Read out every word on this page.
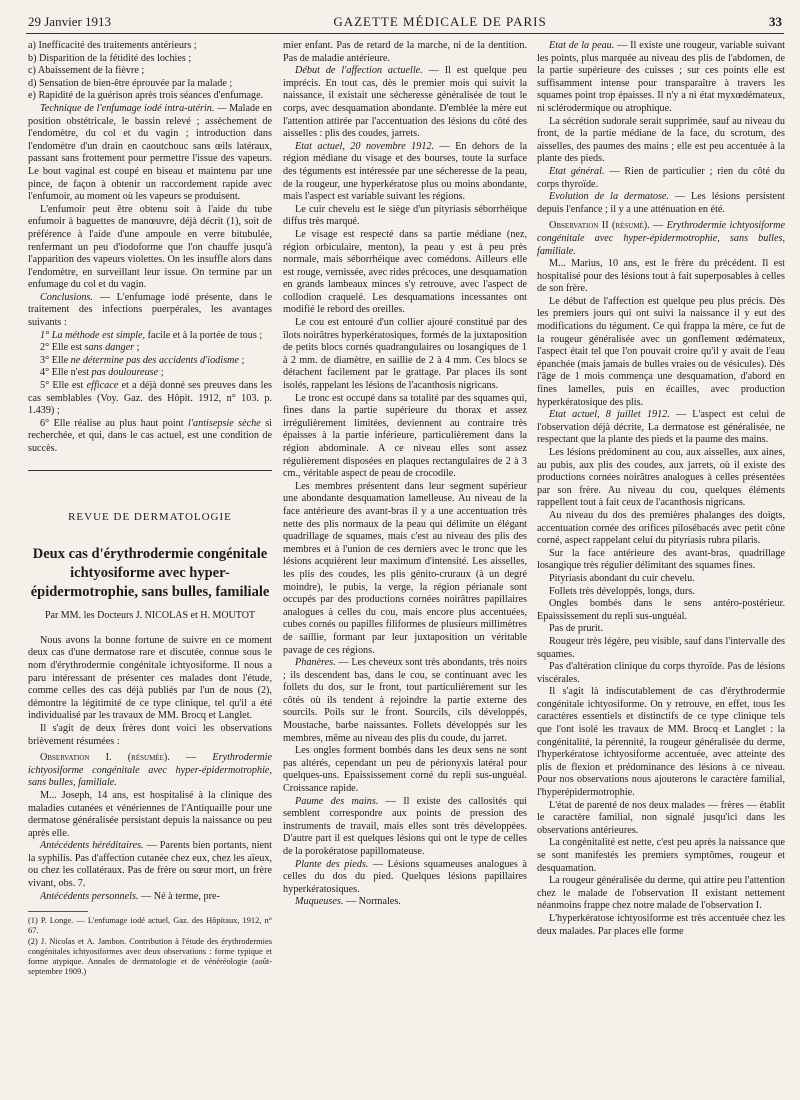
29 Janvier 1913	GAZETTE MÉDICALE DE PARIS	33

a) Inefficacité des traitements antérieurs ;

b) Disparition de la fétidité des lochies ;

c) Abaissement de la fièvre ;

d) Sensation de bien-être éprouvée par la malade ;

e) Rapidité de la guérison après trois séances d'enfumage.

Technique de l'enfumage iodé intra-utérin. — Malade en position obstétricale, le bassin relevé ; assèchement de l'endomètre, du col et du vagin ; introduction dans l'endomètre d'un drain en caoutchouc sans œils latéraux, passant sans frottement pour permettre l'issue des vapeurs. Le bout vaginal est coupé en biseau et maintenu par une pince, de façon à obtenir un raccordement rapide avec l'enfumoir, au moment où les vapeurs se produisent.

L'enfumoir peut être obtenu soit à l'aide du tube enfumoir à baguettes de manœuvre, déjà décrit (1), soit de préférence à l'aide d'une ampoule en verre bitubulée, renfermant un peu d'iodoforme que l'on chauffe jusqu'à l'apparition des vapeurs violettes. On les insuffle alors dans l'endomètre, en surveillant leur issue. On termine par un enfumage du col et du vagin.

Conclusions. — L'enfumage iodé présente, dans le traitement des infections puerpérales, les avantages suivants :

1° La méthode est simple, facile et à la portée de tous ;

2° Elle est sans danger ;

3° Elle ne détermine pas des accidents d'iodisme ;

4° Elle n'est pas douloureuse ;

5° Elle est efficace et a déjà donné ses preuves dans les cas semblables (Voy. Gaz. des Hôpit. 1912, n° 103. p. 1.439) ;

6° Elle réalise au plus haut point l'antisepsie sèche si recherchée, et qui, dans le cas actuel, est une condition de succès.

REVUE DE DERMATOLOGIE
Deux cas d'érythrodermie congénitale ichtyosiforme avec hyper-épidermotrophie, sans bulles, familiale
Par MM. les Docteurs J. NICOLAS et H. MOUTOT

Nous avons la bonne fortune de suivre en ce moment deux cas d'une dermatose rare et discutée, connue sous le nom d'érythrodermie congénitale ichtyosiforme. Il nous a paru intéressant de présenter ces malades dont l'étude, comme celles des cas déjà publiés par l'un de nous (2), démontre la légitimité de ce type clinique, tel qu'il a été individualisé par les travaux de MM. Brocq et Langlet.

Il s'agit de deux frères dont voici les observations brièvement résumées :

Observation I. (résumée). — Erythrodermie ichtyosiforme congénitale avec hyper-épidermotrophie, sans bulles, familiale.

M... Joseph, 14 ans, est hospitalisé à la clinique des maladies cutanées et vénériennes de l'Antiquaille pour une dermatose généralisée persistant depuis la naissance ou peu après elle.

Antécédents héréditaires. — Parents bien portants, nient la syphilis. Pas d'affection cutanée chez eux, chez les aïeux, ou chez les collatéraux. Pas de frère ou sœur mort, un frère vivant, obs. 7.

Antécédents personnels. — Né à terme, pre-

(1) P. Longe. — L'enfumage iodé actuel, Gaz. des Hôpitaux, 1912, n° 67.

(2) J. Nicolas et A. Jambon. Contribution à l'étude des érythrodermies congénitales ichtyosiformes avec deux observations : forme typique et forme atypique. Annales de dermatologie et de vénéréologie (août-septembre 1909.)

mier enfant. Pas de retard de la marche, ni de la dentition. Pas de maladie antérieure.

Début de l'affection actuelle. — Il est quelque peu imprécis. En tout cas, dès le premier mois qui suivit la naissance, il existait une sécheresse généralisée de tout le corps, avec desquamation abondante. D'emblée la mère eut l'attention attirée par l'accentuation des lésions du côté des aisselles : plis des coudes, jarrets.

Etat actuel, 20 novembre 1912. — En dehors de la région médiane du visage et des bourses, toute la surface des téguments est intéressée par une sécheresse de la peau, de la rougeur, une hyperkératose plus ou moins abondante, mais l'aspect est variable suivant les régions.

Le cuir chevelu est le siège d'un pityriasis séborrhéique diffus très marqué.

Le visage est respecté dans sa partie médiane (nez, région orbiculaire, menton), la peau y est à peu près normale, mais séborrhéique avec comédons. Ailleurs elle est rouge, vernissée, avec rides précoces, une desquamation en grands lambeaux minces s'y retrouve, avec l'aspect de collodion craquelé. Les desquamations incessantes ont modifié le rebord des oreilles.

Le cou est entouré d'un collier ajouré constitué par des îlots noirâtres hyperkératosiques, formés de la juxtaposition de petits blocs cornés quadrangulaires ou losangiques de 1 à 2 mm. de diamètre, en saillie de 2 à 4 mm. Ces blocs se détachent facilement par le grattage. Par places ils sont isolés, rappelant les lésions de l'acanthosis nigricans.

Le tronc est occupé dans sa totalité par des squames qui, fines dans la partie supérieure du thorax et assez irrégulièrement limitées, deviennent au contraire très épaisses à la partie inférieure, particulièrement dans la région abdominale. A ce niveau elles sont assez régulièrement disposées en plaques rectangulaires de 2 à 3 cm., véritable aspect de peau de crocodile.

Les membres présentent dans leur segment supérieur une abondante desquamation lamelleuse. Au niveau de la face antérieure des avant-bras il y a une accentuation très nette des plis normaux de la peau qui délimite un élégant quadrillage de squames, mais c'est au niveau des plis des membres et à l'union de ces derniers avec le tronc que les lésions acquièrent leur maximum d'intensité. Les aisselles, les plis des coudes, les plis génito-cruraux (à un degré moindre), le pubis, la verge, la région périanale sont occupés par des productions cornées noirâtres papillaires analogues à celles du cou, mais encore plus accentuées, cubes cornés ou papilles filiformes de plusieurs millimètres de saillie, formant par leur juxtaposition un véritable pavage de ces régions.

Phanères. — Les cheveux sont très abondants, très noirs ; ils descendent bas, dans le cou, se continuant avec les follets du dos, sur le front, tout particulièrement sur les côtés où ils tendent à rejoindre la partie externe des sourcils. Poils sur le front. Sourcils, cils développés, Moustache, barbe naissantes. Follets développés sur les membres, même au niveau des plis du coude, du jarret.

Les ongles forment bombés dans les deux sens ne sont pas altérés, cependant un peu de périonyxis latéral pour quelques-uns. Epaississement corné du repli sus-unguéal. Croissance rapide.

Paume des mains. — Il existe des callosités qui semblent correspondre aux points de pression des instruments de travail, mais elles sont très développées. D'autre part il est quelques lésions qui ont le type de celles de la porokératose papillomateuse.

Plante des pieds. — Lésions squameuses analogues à celles du dos du pied. Quelques lésions papillaires hyperkératosiques.

Muqueuses. — Normales.

Etat de la peau. — Il existe une rougeur, variable suivant les points, plus marquée au niveau des plis de l'abdomen, de la partie supérieure des cuisses ; sur ces points elle est suffisamment intense pour transparaître à travers les squames point trop épaisses. Il n'y a ni état myxœdémateux, ni sclérodermique ou atrophique.

La sécrétion sudorale serait supprimée, sauf au niveau du front, de la partie médiane de la face, du scrotum, des aisselles, des paumes des mains ; elle est peu accentuée à la plante des pieds.

Etat général. — Rien de particulier ; rien du côté du corps thyroïde.

Evolution de la dermatose. — Les lésions persistent depuis l'enfance ; il y a une atténuation en été.

Observation II (résumé). — Erythrodermie ichtyosiforme congénitale avec hyper-épidermotrophie, sans bulles, familiale.

M... Marius, 10 ans, est le frère du précédent. Il est hospitalisé pour des lésions tout à fait superposables à celles de son frère.

Le début de l'affection est quelque peu plus précis. Dès les premiers jours qui ont suivi la naissance il y eut des modifications du tégument. Ce qui frappa la mère, ce fut de la rougeur généralisée avec un gonflement œdémateux, l'aspect était tel que l'on pouvait croire qu'il y avait de l'eau épanchée (mais jamais de bulles vraies ou de vésicules). Dès l'âge de 1 mois commença une desquamation, d'abord en fines lamelles, puis en écailles, avec production hyperkératosique des plis.

Etat actuel, 8 juillet 1912. — L'aspect est celui de l'observation déjà décrite, La dermatose est généralisée, ne respectant que la plante des pieds et la paume des mains.

Les lésions prédominent au cou, aux aisselles, aux aines, au pubis, aux plis des coudes, aux jarrets, où il existe des productions cornées noirâtres analogues à celles présentées par son frère. Au niveau du cou, quelques éléments rappellent tout à fait ceux de l'acanthosis nigricans.

Au niveau du dos des premières phalanges des doigts, accentuation cornée des orifices pilosébacés avec petit cône corné, aspect rappelant celui du pityriasis rubra pilaris.

Sur la face antérieure des avant-bras, quadrillage losangique très régulier délimitant des squames fines.

Pityriasis abondant du cuir chevelu.

Follets très développés, longs, durs.

Ongles bombés dans le sens antéro-postérieur. Epaississement du repli sus-unguéal.

Pas de prurit.

Rougeur très légère, peu visible, sauf dans l'intervalle des squames.

Pas d'altération clinique du corps thyroïde. Pas de lésions viscérales.

Il s'agit là indiscutablement de cas d'érythrodermie congénitale ichtyosiforme. On y retrouve, en effet, tous les caractères essentiels et distinctifs de ce type clinique tels que l'ont isolé les travaux de MM. Brocq et Langlet : la congénitalité, la pérennité, la rougeur généralisée du derme, l'hyperkératose ichtyosiforme accentuée, avec atteinte des plis de flexion et prédominance des lésions à ce niveau. Pour nos observations nous ajouterons le caractère familial, l'hyperépidermotrophie.

L'état de parenté de nos deux malades — frères — établit le caractère familial, non signalé jusqu'ici dans les observations antérieures.

La congénitalité est nette, c'est peu après la naissance que se sont manifestés les premiers symptômes, rougeur et desquamation.

La rougeur généralisée du derme, qui attire peu l'attention chez le malade de l'observation II existant nettement néanmoins frappe chez notre malade de l'observation I.

L'hyperkératose ichtyosiforme est très accentuée chez les deux malades. Par places elle forme
